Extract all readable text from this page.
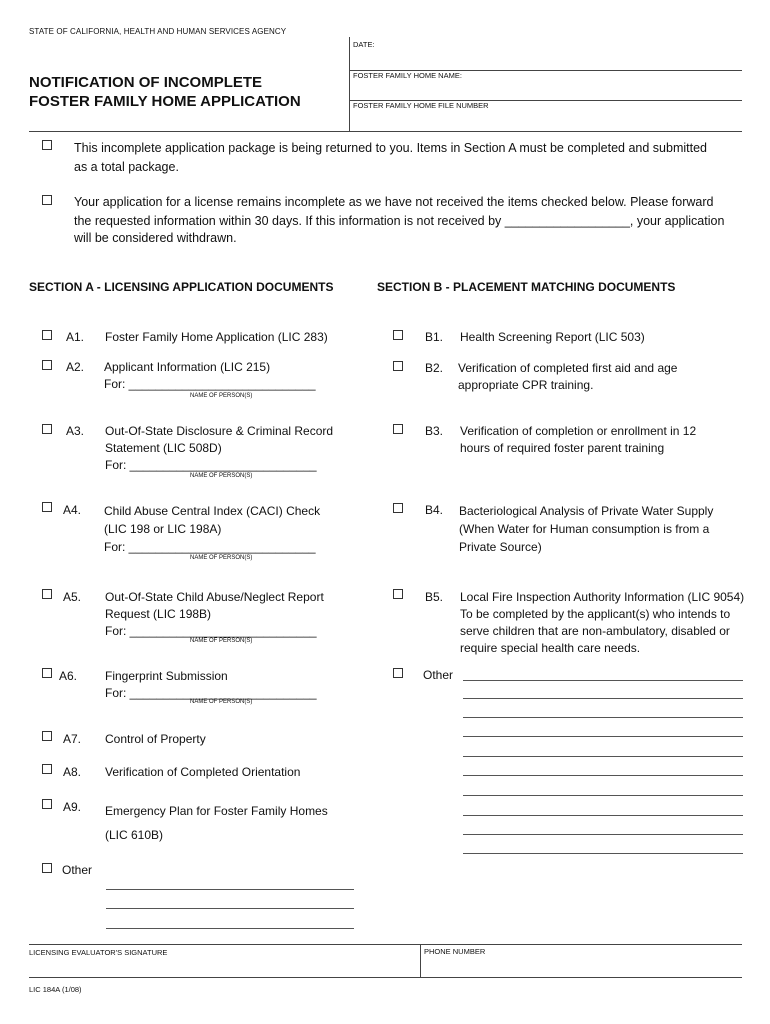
STATE OF CALIFORNIA, HEALTH AND HUMAN SERVICES AGENCY
NOTIFICATION OF INCOMPLETE
FOSTER FAMILY HOME APPLICATION
DATE:
FOSTER FAMILY HOME NAME:
FOSTER FAMILY HOME FILE NUMBER
This incomplete application package is being returned to you. Items in Section A must be completed and submitted
as a total package.
Your application for a license remains incomplete as we have not received the items checked below. Please forward
the requested information within 30 days. If this information is not received by __________________, your application
will be considered withdrawn.
SECTION A - LICENSING APPLICATION DOCUMENTS	SECTION B - PLACEMENT MATCHING DOCUMENTS
A1. Foster Family Home Application (LIC 283)
A2. Applicant Information (LIC 215)
For: ____________________________
NAME OF PERSON(S)
A3. Out-Of-State Disclosure & Criminal Record
Statement (LIC 508D)
For: ____________________________
NAME OF PERSON(S)
A4. Child Abuse Central Index (CACI) Check
(LIC 198 or LIC 198A)
For: ____________________________
NAME OF PERSON(S)
A5. Out-Of-State Child Abuse/Neglect Report
Request (LIC 198B)
For: ____________________________
NAME OF PERSON(S)
A6. Fingerprint Submission
For: ____________________________
NAME OF PERSON(S)
A7. Control of Property
A8. Verification of Completed Orientation
A9. Emergency Plan for Foster Family Homes
(LIC 610B)
Other
B1. Health Screening Report (LIC 503)
B2. Verification of completed first aid and age
appropriate CPR training.
B3. Verification of completion or enrollment in 12
hours of required foster parent training
B4. Bacteriological Analysis of Private Water Supply
(When Water for Human consumption is from a
Private Source)
B5. Local Fire Inspection Authority Information (LIC 9054)
To be completed by the applicant(s) who intends to
serve children that are non-ambulatory, disabled or
require special health care needs.
Other
LICENSING EVALUATOR'S SIGNATURE	PHONE NUMBER
LIC 184A (1/08)
